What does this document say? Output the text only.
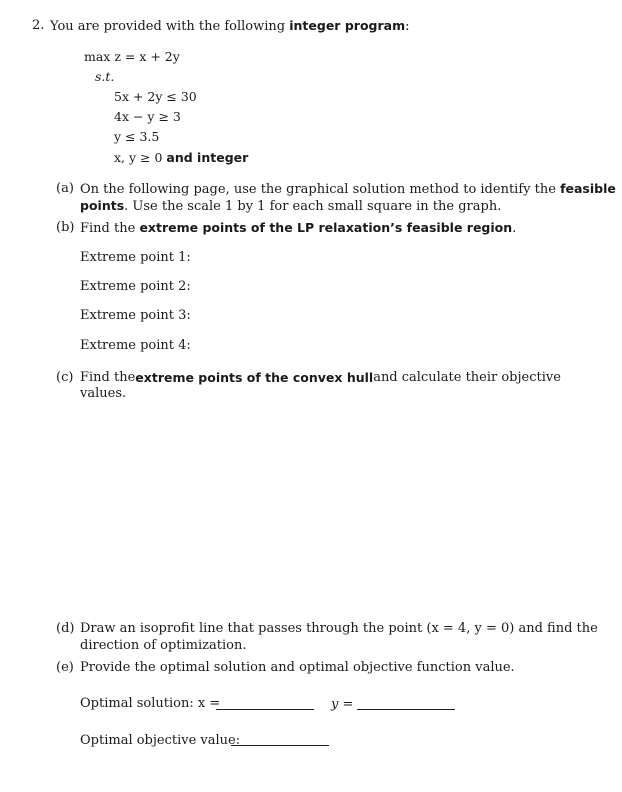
2. You are provided with the following integer program:
max z = x + 2y
s.t.
5x + 2y ≤ 30
4x − y ≥ 3
y ≤ 3.5
x, y ≥ 0 and integer
(a) On the following page, use the graphical solution method to identify the feasible
points. Use the scale 1 by 1 for each small square in the graph.
(b) Find the extreme points of the LP relaxation’s feasible region.
Extreme point 1:
Extreme point 2:
Extreme point 3:
Extreme point 4:
(c) Find the extreme points of the convex hull and calculate their objective
values.
(d) Draw an isoprofit line that passes through the point (x = 4, y = 0) and find the
direction of optimization.
(e) Provide the optimal solution and optimal objective function value.
Optimal solution: x =	y =
Optimal objective value:
